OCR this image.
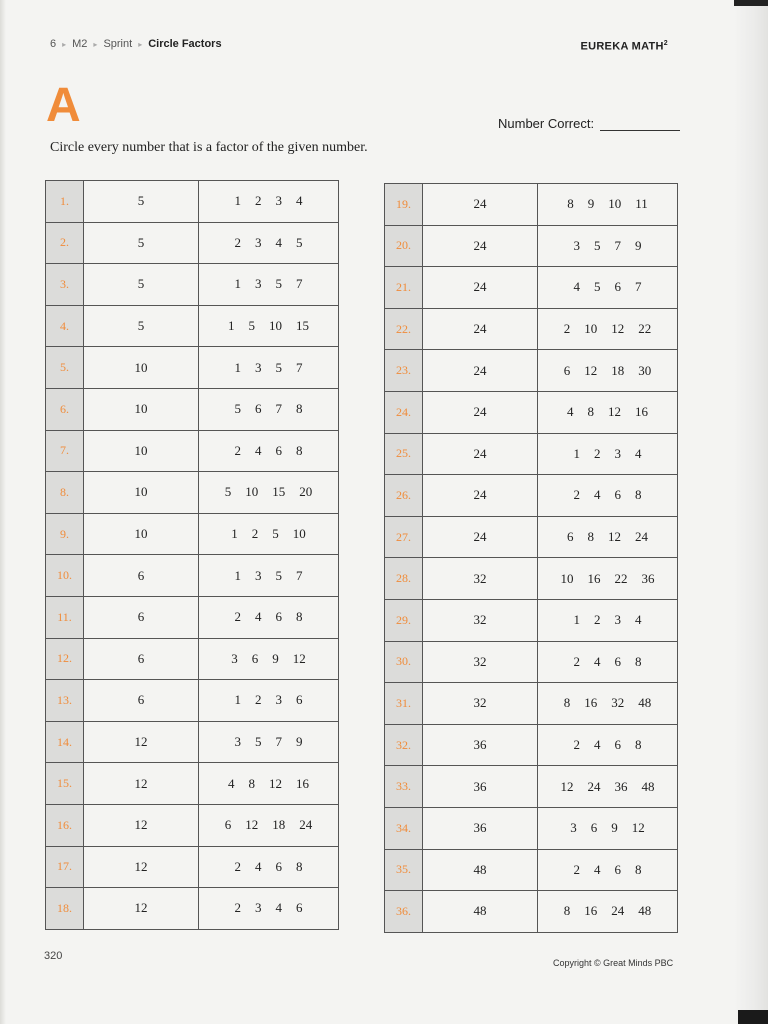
6 ▸ M2 ▸ Sprint ▸ Circle Factors	EUREKA MATH$^2$
A	Number Correct:
Circle every number that is a factor of the given number.
1.	5	1 2 3 4
2.	5	2 3 4 5
3.	5	1 3 5 7
4.	5	1 5 10 15
5.	10	1 3 5 7
6.	10	5 6 7 8
7.	10	2 4 6 8
8.	10	5 10 15 20
9.	10	1 2 5 10
10.	6	1 3 5 7
11.	6	2 4 6 8
12.	6	3 6 9 12
13.	6	1 2 3 6
14.	12	3 5 7 9
15.	12	4 8 12 16
16.	12	6 12 18 24
17.	12	2 4 6 8
18.	12	2 3 4 6
19.	24	8 9 10 11
20.	24	3 5 7 9
21.	24	4 5 6 7
22.	24	2 10 12 22
23.	24	6 12 18 30
24.	24	4 8 12 16
25.	24	1 2 3 4
26.	24	2 4 6 8
27.	24	6 8 12 24
28.	32	10 16 22 36
29.	32	1 2 3 4
30.	32	2 4 6 8
31.	32	8 16 32 48
32.	36	2 4 6 8
33.	36	12 24 36 48
34.	36	3 6 9 12
35.	48	2 4 6 8
36.	48	8 16 24 48
320
Copyright © Great Minds PBC
